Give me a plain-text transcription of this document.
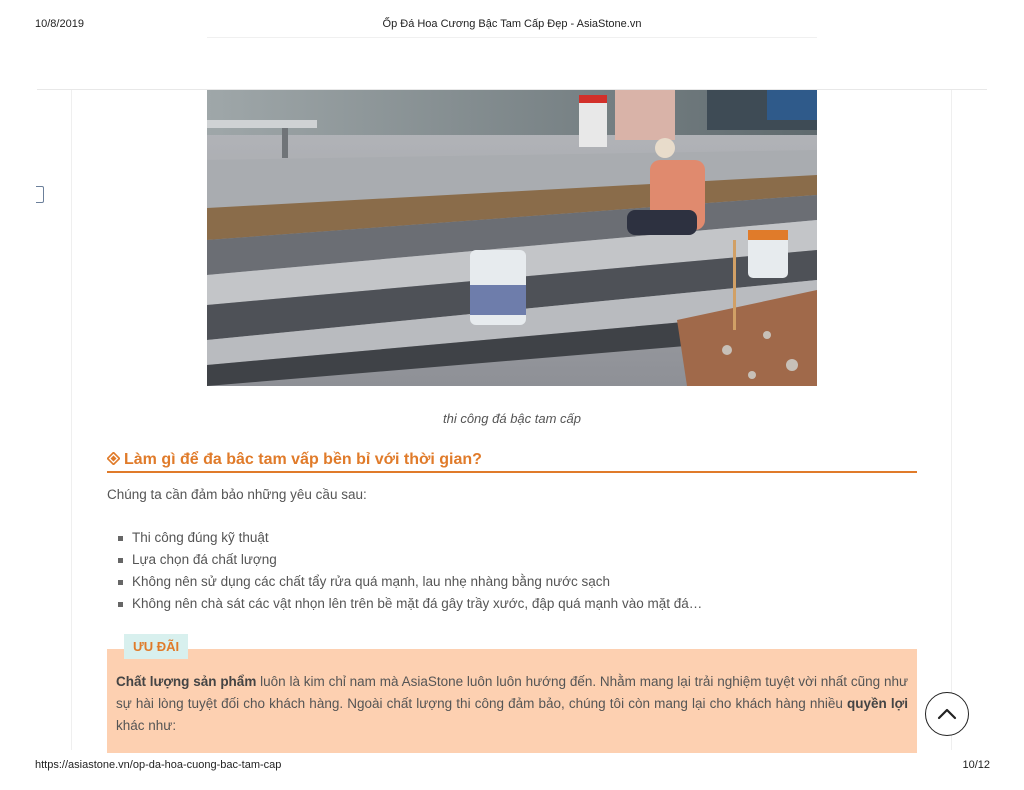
10/8/2019	Ốp Đá Hoa Cương Bậc Tam Cấp Đẹp - AsiaStone.vn
thi công đá bậc tam cấp
Làm gì để đa bâc tam vấp bền bỉ với thời gian?
Chúng ta cần đảm bảo những yêu cầu sau:
Thi công đúng kỹ thuật
Lựa chọn đá chất lượng
Không nên sử dụng các chất tẩy rửa quá mạnh, lau nhẹ nhàng bằng nước sạch
Không nên chà sát các vật nhọn lên trên bề mặt đá gây trầy xước, đập quá mạnh vào mặt đá…
ƯU ĐÃI
Chất lượng sản phẩm luôn là kim chỉ nam mà AsiaStone luôn luôn hướng đến. Nhằm mang lại trải nghiệm tuyệt vời nhất cũng như sự hài lòng tuyệt đối cho khách hàng. Ngoài chất lượng thi công đảm bảo, chúng tôi còn mang lại cho khách hàng nhiều quyền lợi khác như:
https://asiastone.vn/op-da-hoa-cuong-bac-tam-cap	10/12
